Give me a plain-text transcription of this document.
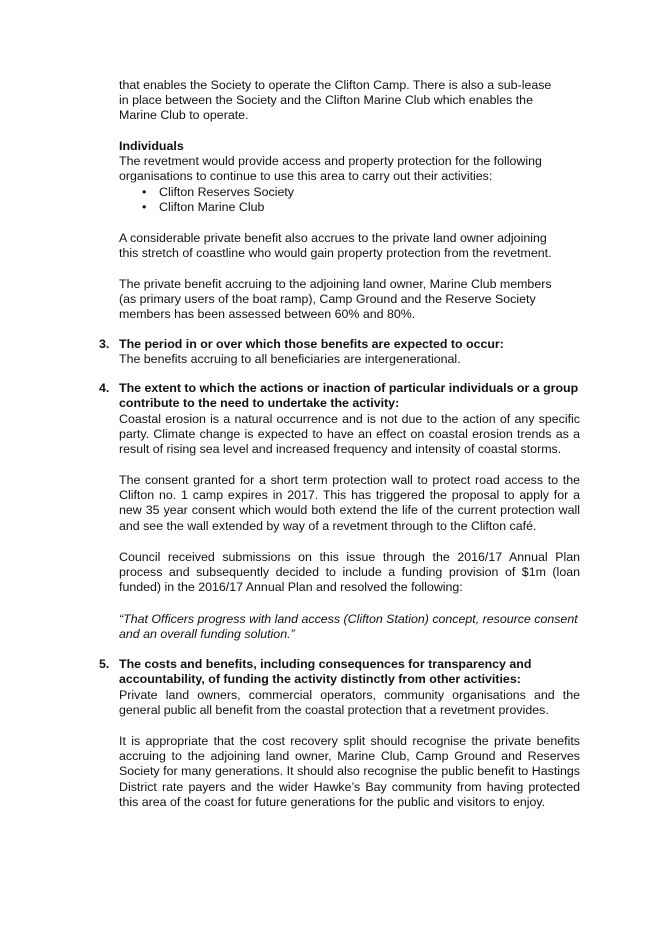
that enables the Society to operate the Clifton Camp. There is also a sub-lease in place between the Society and the Clifton Marine Club which enables the Marine Club to operate.
Individuals
The revetment would provide access and property protection for the following organisations to continue to use this area to carry out their activities:
• Clifton Reserves Society
• Clifton Marine Club
A considerable private benefit also accrues to the private land owner adjoining this stretch of coastline who would gain property protection from the revetment.
The private benefit accruing to the adjoining land owner, Marine Club members (as primary users of the boat ramp), Camp Ground and the Reserve Society members has been assessed between 60% and 80%.
3. The period in or over which those benefits are expected to occur:
The benefits accruing to all beneficiaries are intergenerational.
4. The extent to which the actions or inaction of particular individuals or a group contribute to the need to undertake the activity:
Coastal erosion is a natural occurrence and is not due to the action of any specific party. Climate change is expected to have an effect on coastal erosion trends as a result of rising sea level and increased frequency and intensity of coastal storms.
The consent granted for a short term protection wall to protect road access to the Clifton no. 1 camp expires in 2017. This has triggered the proposal to apply for a new 35 year consent which would both extend the life of the current protection wall and see the wall extended by way of a revetment through to the Clifton café.
Council received submissions on this issue through the 2016/17 Annual Plan process and subsequently decided to include a funding provision of $1m (loan funded) in the 2016/17 Annual Plan and resolved the following:
“That Officers progress with land access (Clifton Station) concept, resource consent and an overall funding solution.”
5. The costs and benefits, including consequences for transparency and accountability, of funding the activity distinctly from other activities:
Private land owners, commercial operators, community organisations and the general public all benefit from the coastal protection that a revetment provides.
It is appropriate that the cost recovery split should recognise the private benefits accruing to the adjoining land owner, Marine Club, Camp Ground and Reserves Society for many generations. It should also recognise the public benefit to Hastings District rate payers and the wider Hawke’s Bay community from having protected this area of the coast for future generations for the public and visitors to enjoy.
